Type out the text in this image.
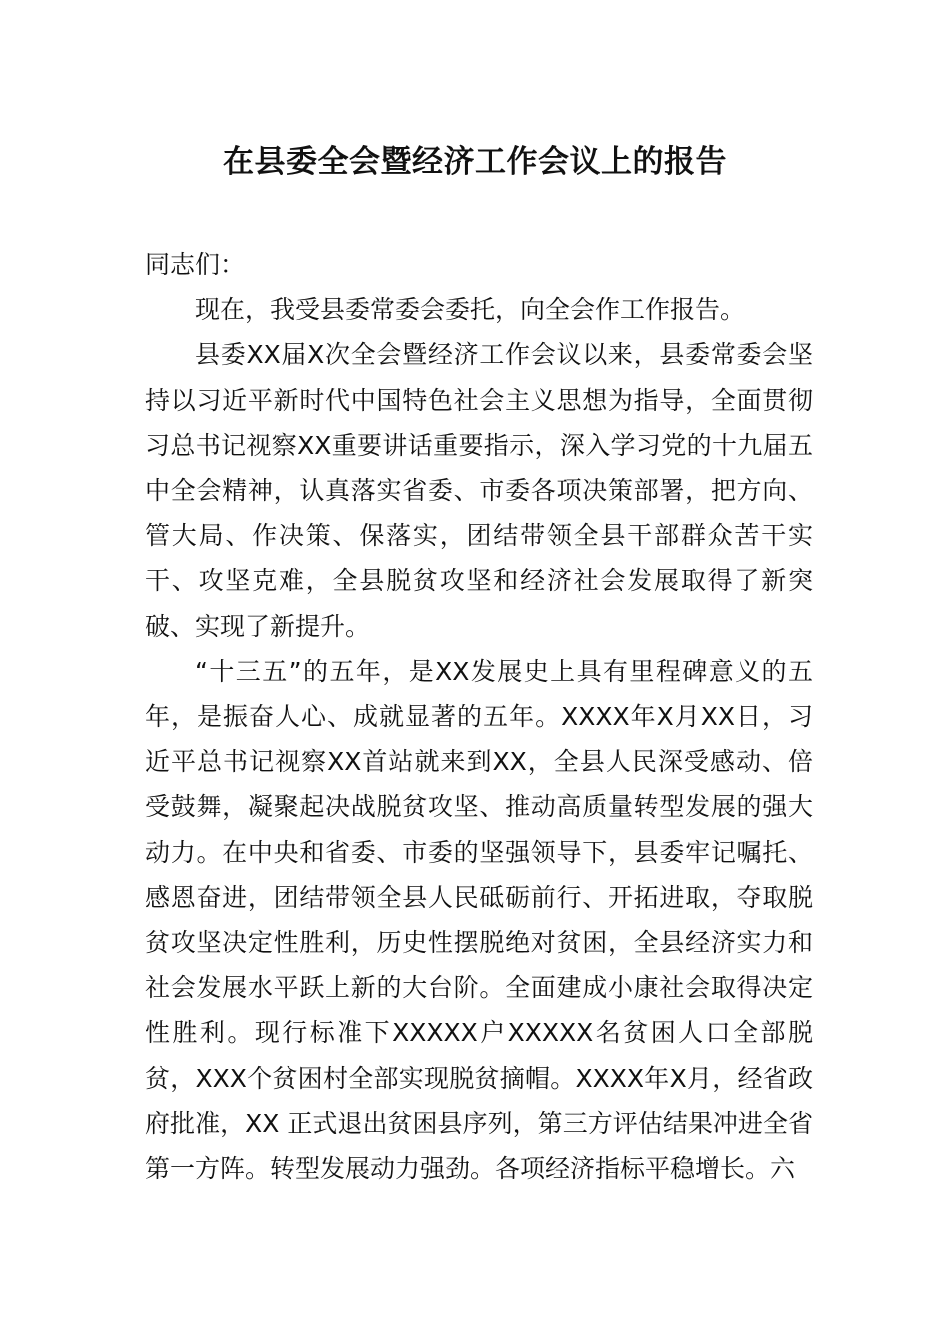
在县委全会暨经济工作会议上的报告

同志们：

现在，我受县委常委会委托，向全会作工作报告。

县委XX届X次全会暨经济工作会议以来，县委常委会坚持以习近平新时代中国特色社会主义思想为指导，全面贯彻习总书记视察XX重要讲话重要指示，深入学习党的十九届五中全会精神，认真落实省委、市委各项决策部署，把方向、管大局、作决策、保落实，团结带领全县干部群众苦干实干、攻坚克难，全县脱贫攻坚和经济社会发展取得了新突破、实现了新提升。

“十三五”的五年，是XX发展史上具有里程碑意义的五年，是振奋人心、成就显著的五年。XXXX年X月XX日，习近平总书记视察XX首站就来到XX，全县人民深受感动、倍受鼓舞，凝聚起决战脱贫攻坚、推动高质量转型发展的强大动力。在中央和省委、市委的坚强领导下，县委牢记嘱托、感恩奋进，团结带领全县人民砥砺前行、开拓进取，夺取脱贫攻坚决定性胜利，历史性摆脱绝对贫困，全县经济实力和社会发展水平跃上新的大台阶。全面建成小康社会取得决定性胜利。现行标准下XXXXX户XXXXX名贫困人口全部脱贫，XXX个贫困村全部实现脱贫摘帽。XXXX年X月，经省政府批准，XX 正式退出贫困县序列，第三方评估结果冲进全省第一方阵。转型发展动力强劲。各项经济指标平稳增长。六
